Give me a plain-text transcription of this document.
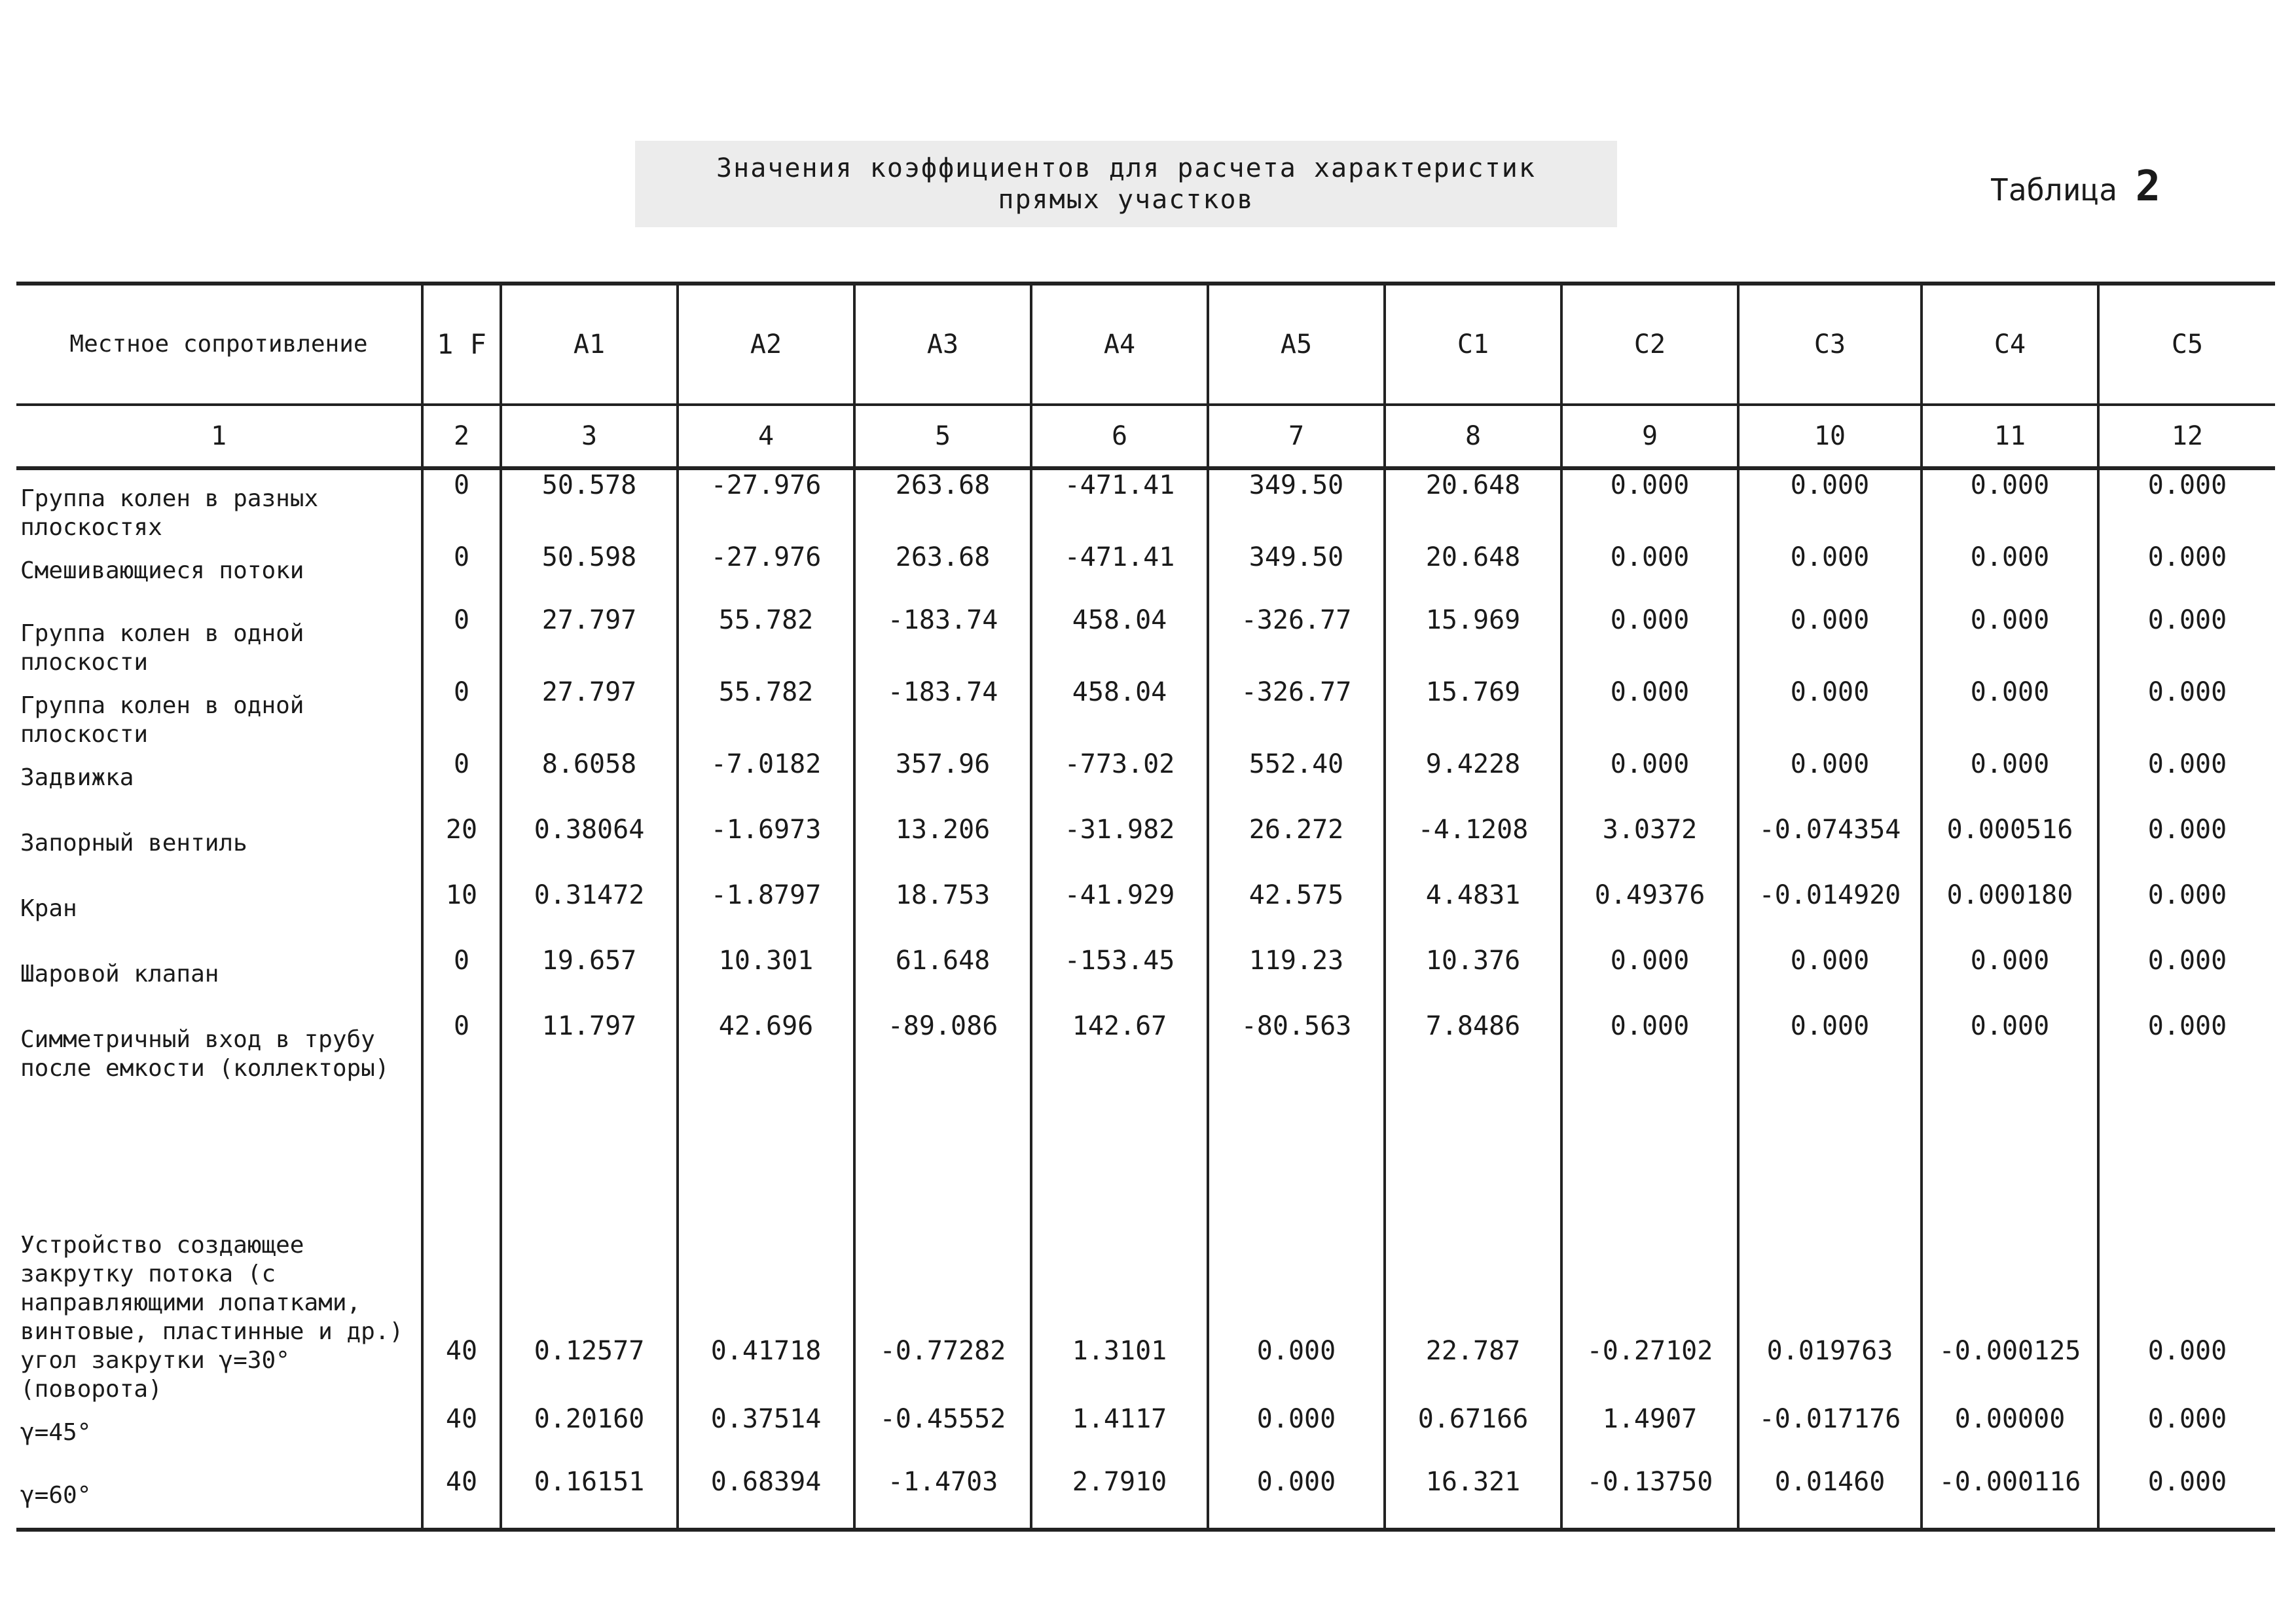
Значения коэффициентов для расчета характеристик
прямых участков	Таблица 2
Местное сопротивление	1 F	A1	A2	A3	A4	A5	C1	C2	C3	C4	C5
1	2	3	4	5	6	7	8	9	10	11	12
Группа колен в разных плоскостях	0	50.578	-27.976	263.68	-471.41	349.50	20.648	0.000	0.000	0.000	0.000
Смешивающиеся потоки	0	50.598	-27.976	263.68	-471.41	349.50	20.648	0.000	0.000	0.000	0.000
Группа колен в одной плоскости	0	27.797	55.782	-183.74	458.04	-326.77	15.969	0.000	0.000	0.000	0.000
Группа колен в одной плоскости	0	27.797	55.782	-183.74	458.04	-326.77	15.769	0.000	0.000	0.000	0.000
Задвижка	0	8.6058	-7.0182	357.96	-773.02	552.40	9.4228	0.000	0.000	0.000	0.000
Запорный вентиль	20	0.38064	-1.6973	13.206	-31.982	26.272	-4.1208	3.0372	-0.074354	0.000516	0.000
Кран	10	0.31472	-1.8797	18.753	-41.929	42.575	4.4831	0.49376	-0.014920	0.000180	0.000
Шаровой клапан	0	19.657	10.301	61.648	-153.45	119.23	10.376	0.000	0.000	0.000	0.000
Симметричный вход в трубу после емкости (коллекторы)	0	11.797	42.696	-89.086	142.67	-80.563	7.8486	0.000	0.000	0.000	0.000

Устройство создающее закрутку потока (с направляющими лопатками, винтовые, пластинные и др.)
угол закрутки γ=30°
(поворота)	40	0.12577	0.41718	-0.77282	1.3101	0.000	22.787	-0.27102	0.019763	-0.000125	0.000
γ=45°	40	0.20160	0.37514	-0.45552	1.4117	0.000	0.67166	1.4907	-0.017176	0.00000	0.000
γ=60°	40	0.16151	0.68394	-1.4703	2.7910	0.000	16.321	-0.13750	0.01460	-0.000116	0.000
